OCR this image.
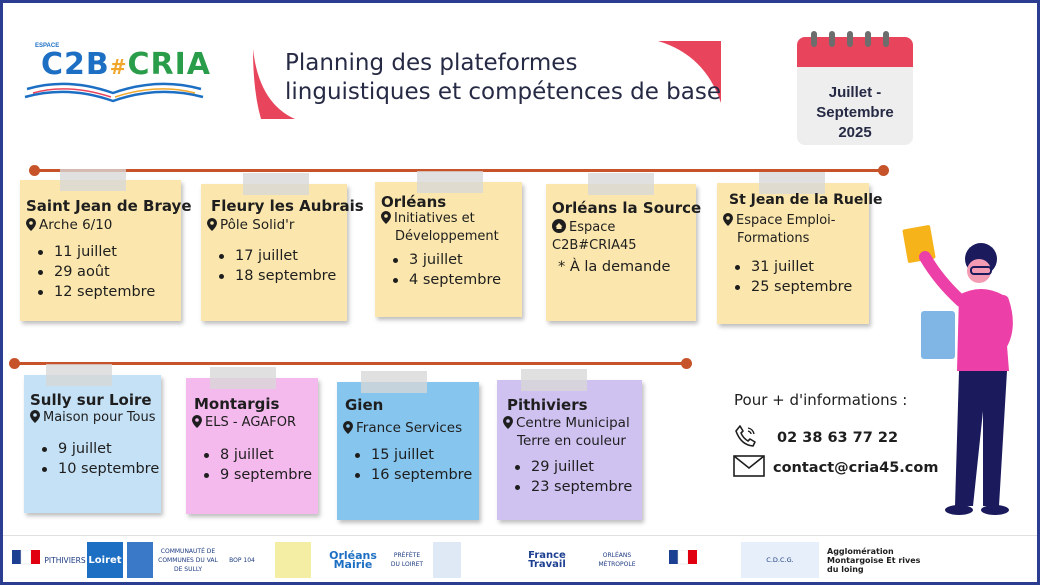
C2B#CRIA
ESPACE
Planning des plateformes
linguistiques et compétences de base	Juillet -
Septembre
2025
Saint Jean de Braye
Arche 6/10
11 juillet
29 août
12 septembre
Fleury les Aubrais
Pôle Solid'r
17 juillet
18 septembre
Orléans
Initiatives et
Développement
3 juillet
4 septembre
Orléans la Source
Espace C2B#CRIA45
* À la demande
St Jean de la Ruelle
Espace Emploi-
Formations
31 juillet
25 septembre
Sully sur Loire
Maison pour Tous
9 juillet
10 septembre
Montargis
ELS - AGAFOR
8 juillet
9 septembre
Gien
France Services
15 juillet
16 septembre
Pithiviers
Centre Municipal
Terre en couleur
29 juillet
23 septembre
Pour + d'informations :
02 38 63 77 22
contact@cria45.com
PITHIVIERS Loiret
COMMUNAUTÉ DE COMMUNES DU VAL DE SULLY
BOP 104	Orléans Mairie
PRÉFÈTE DU LOIRET
France Travail
ORLÉANS MÉTROPOLE
C.D.C.G.
Agglomération Montargoise Et rives du loing
